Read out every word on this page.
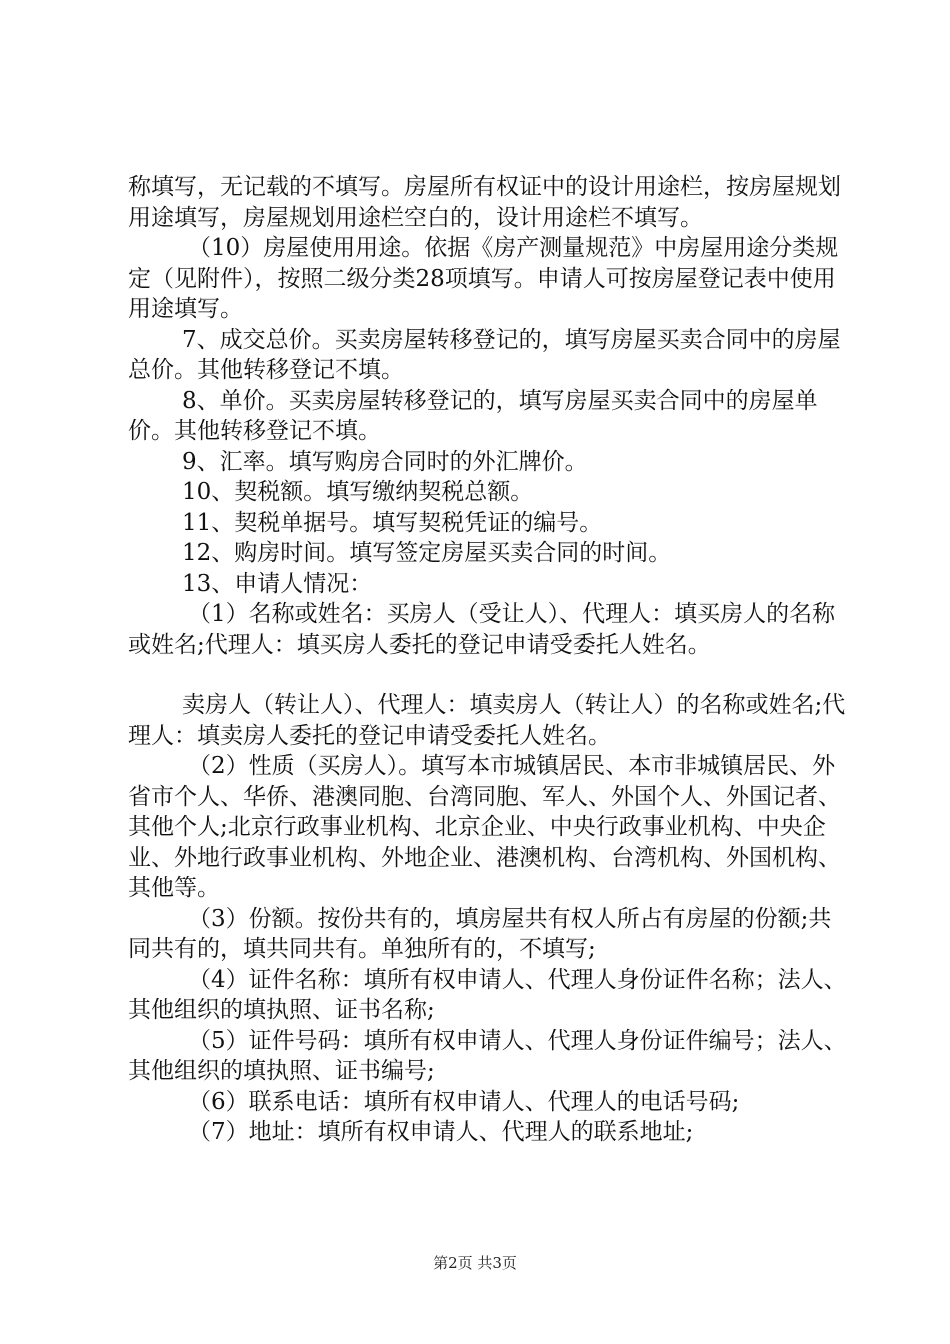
称填写，无记载的不填写。房屋所有权证中的设计用途栏，按房屋规划用途填写，房屋规划用途栏空白的，设计用途栏不填写。

（10）房屋使用用途。依据《房产测量规范》中房屋用途分类规定（见附件），按照二级分类28项填写。申请人可按房屋登记表中使用用途填写。

7、成交总价。买卖房屋转移登记的，填写房屋买卖合同中的房屋总价。其他转移登记不填。

8、单价。买卖房屋转移登记的，填写房屋买卖合同中的房屋单价。其他转移登记不填。

9、汇率。填写购房合同时的外汇牌价。

10、契税额。填写缴纳契税总额。

11、契税单据号。填写契税凭证的编号。

12、购房时间。填写签定房屋买卖合同的时间。

13、申请人情况：

（1）名称或姓名：买房人（受让人）、代理人：填买房人的名称或姓名;代理人：填买房人委托的登记申请受委托人姓名。

卖房人（转让人）、代理人：填卖房人（转让人）的名称或姓名;代理人：填卖房人委托的登记申请受委托人姓名。

（2）性质（买房人）。填写本市城镇居民、本市非城镇居民、外省市个人、华侨、港澳同胞、台湾同胞、军人、外国个人、外国记者、其他个人;北京行政事业机构、北京企业、中央行政事业机构、中央企业、外地行政事业机构、外地企业、港澳机构、台湾机构、外国机构、其他等。

（3）份额。按份共有的，填房屋共有权人所占有房屋的份额;共同共有的，填共同共有。单独所有的，不填写;

（4）证件名称：填所有权申请人、代理人身份证件名称；法人、其他组织的填执照、证书名称;

（5）证件号码：填所有权申请人、代理人身份证件编号；法人、其他组织的填执照、证书编号;

（6）联系电话：填所有权申请人、代理人的电话号码;

（7）地址：填所有权申请人、代理人的联系地址;

第2页 共3页
